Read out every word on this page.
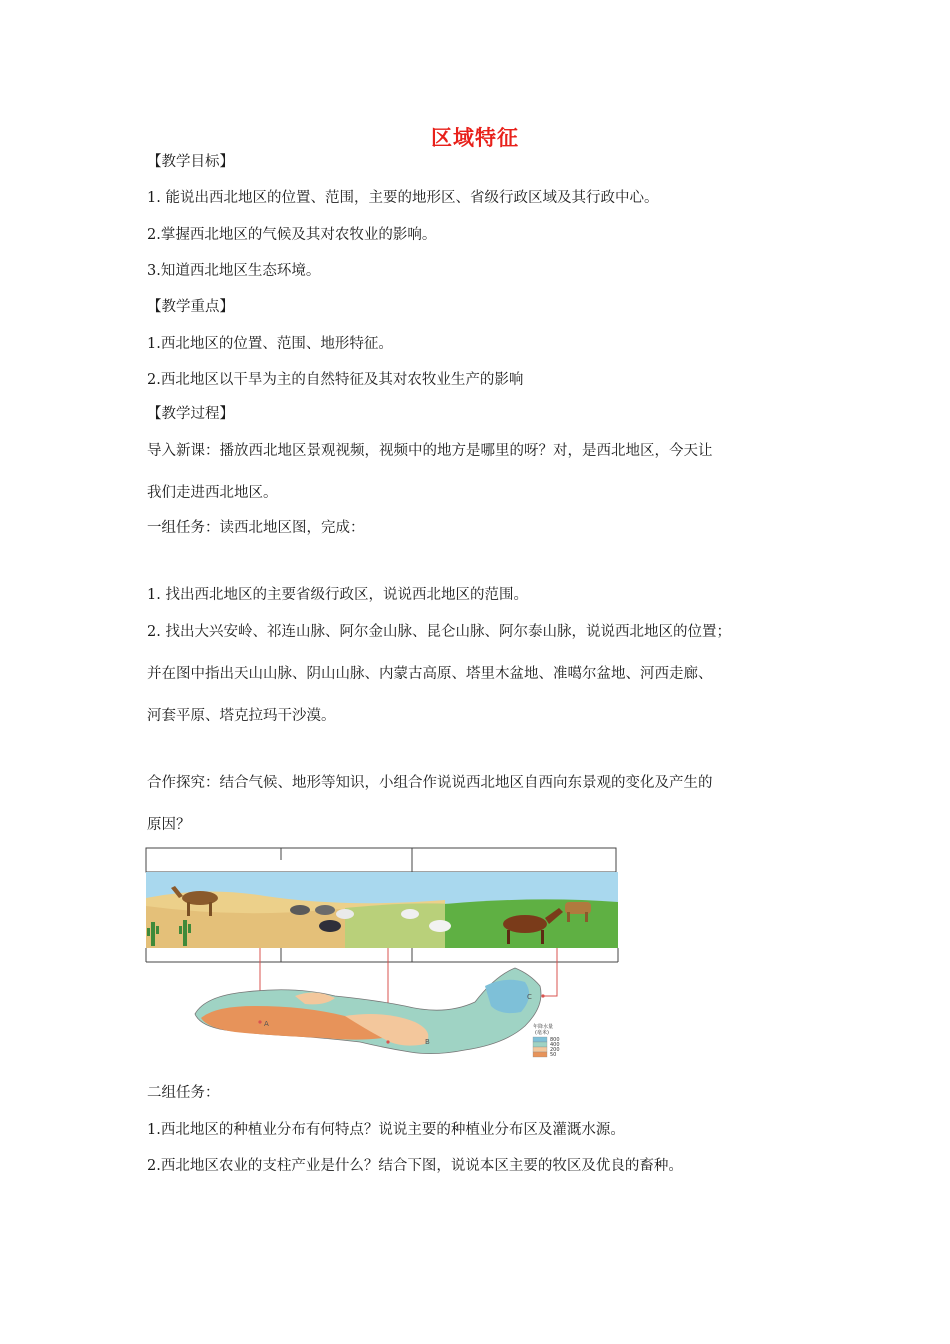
区域特征
【教学目标】
1. 能说出西北地区的位置、范围，主要的地形区、省级行政区域及其行政中心。
2.掌握西北地区的气候及其对农牧业的影响。
3.知道西北地区生态环境。
【教学重点】
1.西北地区的位置、范围、地形特征。
2.西北地区以干旱为主的自然特征及其对农牧业生产的影响
【教学过程】
导入新课：播放西北地区景观视频，视频中的地方是哪里的呀？对，是西北地区，今天让
我们走进西北地区。
一组任务：读西北地区图，完成：
1. 找出西北地区的主要省级行政区，说说西北地区的范围。
2. 找出大兴安岭、祁连山脉、阿尔金山脉、昆仑山脉、阿尔泰山脉，说说西北地区的位置；
并在图中指出天山山脉、阴山山脉、内蒙古高原、塔里木盆地、准噶尔盆地、河西走廊、
河套平原、塔克拉玛干沙漠。
合作探究：结合气候、地形等知识，小组合作说说西北地区自西向东景观的变化及产生的
原因？
A
B
C
年降水量
(毫米)
800
400
200
50
二组任务：
1.西北地区的种植业分布有何特点？说说主要的种植业分布区及灌溉水源。
2.西北地区农业的支柱产业是什么？结合下图，说说本区主要的牧区及优良的畜种。
